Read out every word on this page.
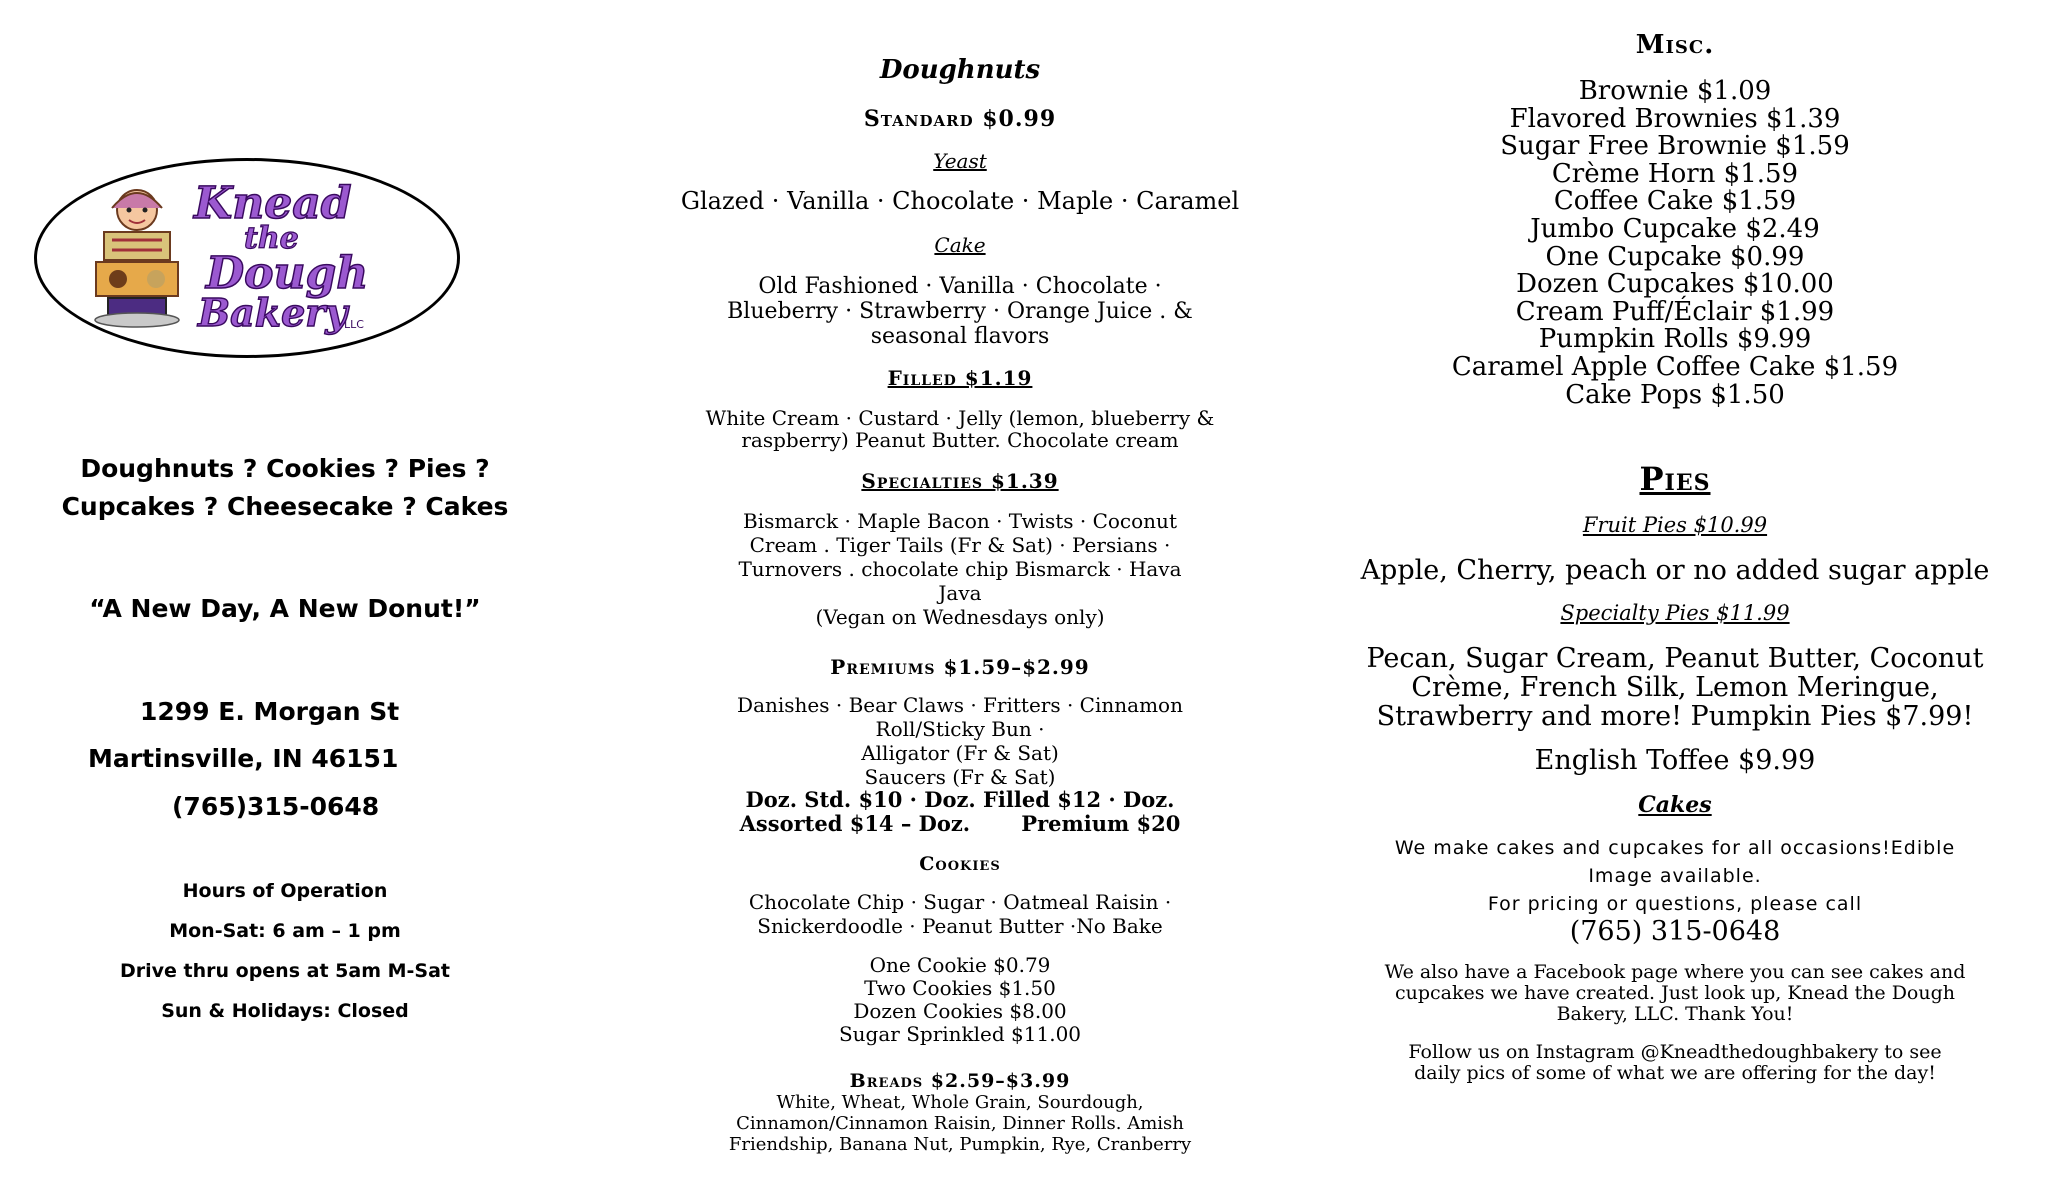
Knead
the
Dough
Bakery
LLC
Doughnuts ? Cookies ? Pies ?
Cupcakes ? Cheesecake ? Cakes
“A New Day, A New Donut!”
1299 E. Morgan St
Martinsville, IN 46151
(765)315-0648
Hours of Operation
Mon-Sat: 6 am – 1 pm
Drive thru opens at 5am M-Sat
Sun & Holidays: Closed
Doughnuts
Standard $0.99
Yeast
Glazed · Vanilla · Chocolate · Maple · Caramel
Cake
Old Fashioned · Vanilla · Chocolate ·
Blueberry · Strawberry · Orange Juice . &
seasonal flavors
Filled $1.19
White Cream · Custard · Jelly (lemon, blueberry &
raspberry) Peanut Butter. Chocolate cream
Specialties $1.39
Bismarck · Maple Bacon · Twists · Coconut
Cream . Tiger Tails (Fr & Sat) · Persians ·
Turnovers . chocolate chip Bismarck · Hava
Java
(Vegan on Wednesdays only)
Premiums $1.59–$2.99
Danishes · Bear Claws · Fritters · Cinnamon
Roll/Sticky Bun ·
Alligator (Fr & Sat)
Saucers (Fr & Sat)
Doz. Std. $10 · Doz. Filled $12 · Doz.
Assorted $14 – Doz.       Premium $20
Cookies
Chocolate Chip · Sugar · Oatmeal Raisin ·
Snickerdoodle · Peanut Butter ·No Bake
One Cookie $0.79
Two Cookies $1.50
Dozen Cookies $8.00
Sugar Sprinkled $11.00
Breads $2.59–$3.99
White, Wheat, Whole Grain, Sourdough,
Cinnamon/Cinnamon Raisin, Dinner Rolls. Amish
Friendship, Banana Nut, Pumpkin, Rye, Cranberry
Misc.
Brownie $1.09
Flavored Brownies $1.39
Sugar Free Brownie $1.59
Crème Horn $1.59
Coffee Cake $1.59
Jumbo Cupcake $2.49
One Cupcake $0.99
Dozen Cupcakes $10.00
Cream Puff/Éclair $1.99
Pumpkin Rolls $9.99
Caramel Apple Coffee Cake $1.59
Cake Pops $1.50
Pies
Fruit Pies $10.99
Apple, Cherry, peach or no added sugar apple
Specialty Pies $11.99
Pecan, Sugar Cream, Peanut Butter, Coconut
Crème, French Silk, Lemon Meringue,
Strawberry and more! Pumpkin Pies $7.99!
English Toffee $9.99
Cakes
We make cakes and cupcakes for all occasions!Edible
Image available.
For pricing or questions, please call
(765) 315-0648
We also have a Facebook page where you can see cakes and
cupcakes we have created. Just look up, Knead the Dough
Bakery, LLC. Thank You!
Follow us on Instagram @Kneadthedoughbakery to see
daily pics of some of what we are offering for the day!
